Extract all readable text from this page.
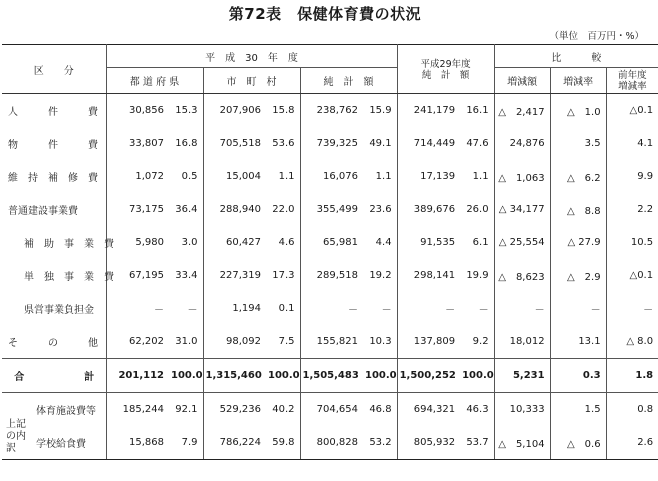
第72表　保健体育費の状況
（単位　百万円・%）
区　　分	平　成　30　年　度						平成29年度
純　計　額		比　　　較		
	都 道 府 県		市　町　村		純　計　額				増減額	増減率	前年度
増減率

人　　　件　　　費	30,856	15.3	207,906	15.8	238,762	15.9	241,179	16.1	△　2,417	△　1.0	△0.1
物　　　件　　　費	33,807	16.8	705,518	53.6	739,325	49.1	714,449	47.6	24,876	3.5	4.1
維　持　補　修　費	1,072	0.5	15,004	1.1	16,076	1.1	17,139	1.1	△　1,063	△　6.2	9.9
普通建設事業費	73,175	36.4	288,940	22.0	355,499	23.6	389,676	26.0	△ 34,177	△　8.8	2.2
補　助　事　業　費	5,980	3.0	60,427	4.6	65,981	4.4	91,535	6.1	△ 25,554	△ 27.9	10.5
単　独　事　業　費	67,195	33.4	227,319	17.3	289,518	19.2	298,141	19.9	△　8,623	△　2.9	△0.1
県営事業負担金	－	－	1,194	0.1	－	－	－	－	－	－	－
そ　　　の　　　他	62,202	31.0	98,092	7.5	155,821	10.3	137,809	9.2	18,012	13.1	△ 8.0
合　　　　　　計	201,112	100.0	1,315,460	100.0	1,505,483	100.0	1,500,252	100.0	5,231	0.3	1.8

上記の内訳
体育施設費等	185,244	92.1	529,236	40.2	704,654	46.8	694,321	46.3	10,333	1.5	0.8
学校給食費	15,868	7.9	786,224	59.8	800,828	53.2	805,932	53.7	△　5,104	△　0.6	2.6
